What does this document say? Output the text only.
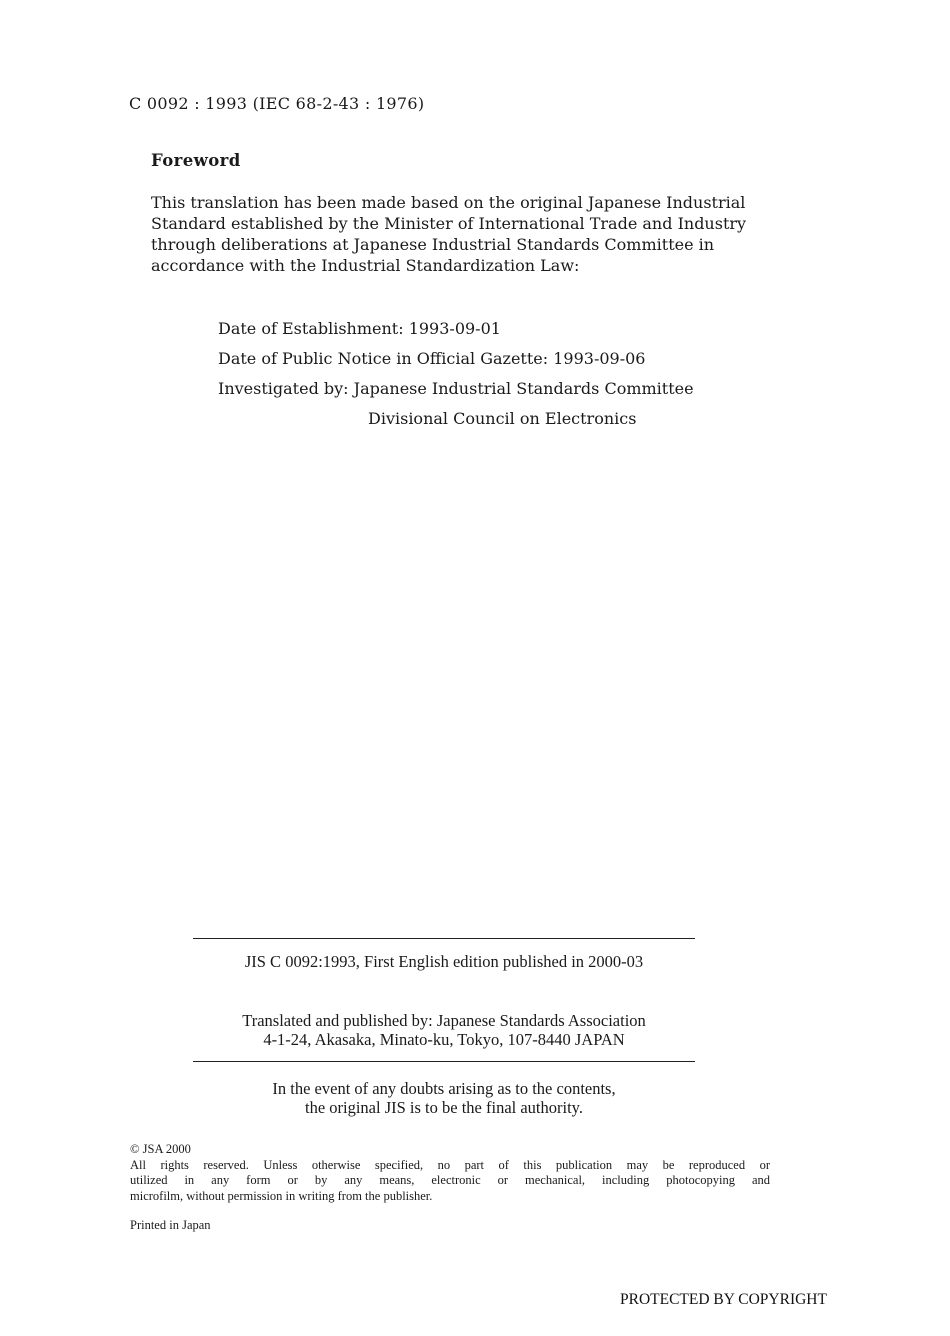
C 0092 : 1993 (IEC 68-2-43 : 1976)
Foreword
This translation has been made based on the original Japanese Industrial
Standard established by the Minister of International Trade and Industry
through deliberations at Japanese Industrial Standards Committee in
accordance with the Industrial Standardization Law:
Date of Establishment: 1993-09-01
Date of Public Notice in Official Gazette: 1993-09-06
Investigated by: Japanese Industrial Standards Committee
Divisional Council on Electronics
JIS C 0092:1993, First English edition published in 2000-03
Translated and published by: Japanese Standards Association
4-1-24, Akasaka, Minato-ku, Tokyo, 107-8440 JAPAN
In the event of any doubts arising as to the contents,
the original JIS is to be the final authority.
© JSA 2000
All rights reserved. Unless otherwise specified, no part of this publication may be reproduced or
utilized in any form or by any means, electronic or mechanical, including photocopying and
microfilm, without permission in writing from the publisher.
Printed in Japan
PROTECTED BY COPYRIGHT
